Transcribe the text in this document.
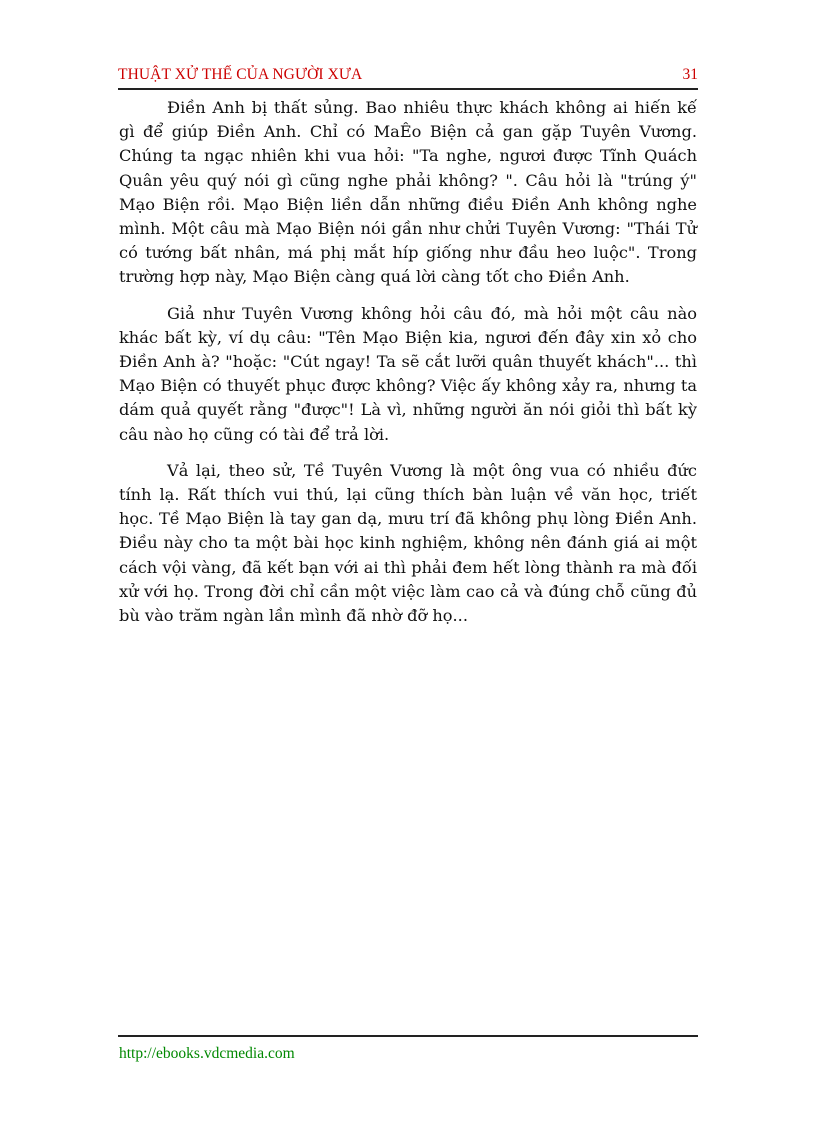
THUẬT XỬ THẾ CỦA NGƯỜI XƯA	31

Điền Anh bị thất sủng. Bao nhiêu thực khách không ai hiến kế gì để giúp Điền Anh. Chỉ có MaÊo Biện cả gan gặp Tuyên Vương. Chúng ta ngạc nhiên khi vua hỏi: "Ta nghe, ngươi được Tĩnh Quách Quân yêu quý nói gì cũng nghe phải không? ". Câu hỏi là "trúng ý" Mạo Biện rồi. Mạo Biện liền dẫn những điều Điền Anh không nghe mình. Một câu mà Mạo Biện nói gần như chửi Tuyên Vương: "Thái Tử có tướng bất nhân, má phị mắt híp giống như đầu heo luộc". Trong trường hợp này, Mạo Biện càng quá lời càng tốt cho Điền Anh.

Giả như Tuyên Vương không hỏi câu đó, mà hỏi một câu nào khác bất kỳ, ví dụ câu: "Tên Mạo Biện kia, ngươi đến đây xin xỏ cho Điền Anh à? "hoặc: "Cút ngay! Ta sẽ cắt lưỡi quân thuyết khách"... thì Mạo Biện có thuyết phục được không? Việc ấy không xảy ra, nhưng ta dám quả quyết rằng "được"! Là vì, những người ăn nói giỏi thì bất kỳ câu nào họ cũng có tài để trả lời.

Vả lại, theo sử, Tề Tuyên Vương là một ông vua có nhiều đức tính lạ. Rất thích vui thú, lại cũng thích bàn luận về văn học, triết học. Tề Mạo Biện là tay gan dạ, mưu trí đã không phụ lòng Điền Anh. Điều này cho ta một bài học kinh nghiệm, không nên đánh giá ai một cách vội vàng, đã kết bạn với ai thì phải đem hết lòng thành ra mà đối xử với họ. Trong đời chỉ cần một việc làm cao cả và đúng chỗ cũng đủ bù vào trăm ngàn lần mình đã nhờ đỡ họ...

http://ebooks.vdcmedia.com
